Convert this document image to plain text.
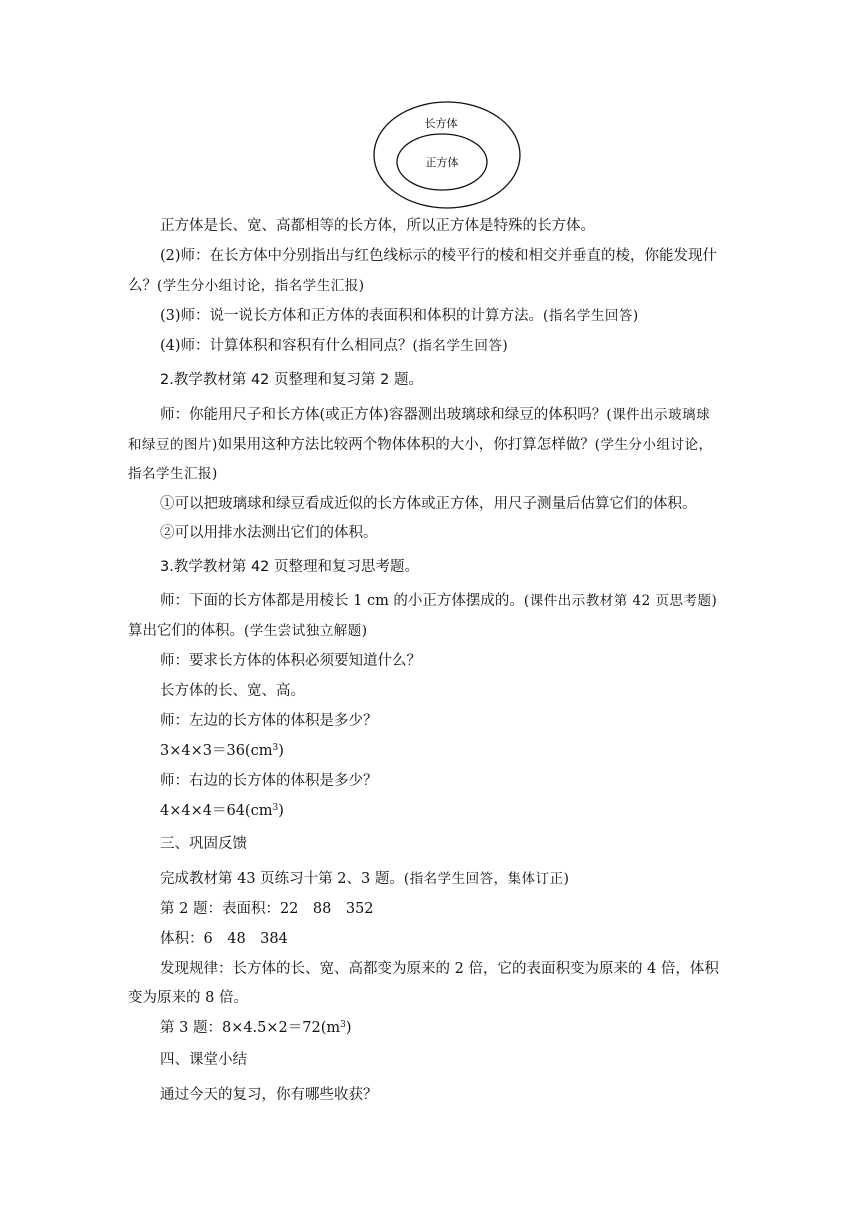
长方体
正方体
正方体是长、宽、高都相等的长方体，所以正方体是特殊的长方体。
(2)师：在长方体中分别指出与红色线标示的棱平行的棱和相交并垂直的棱，你能发现什
么？(学生分小组讨论，指名学生汇报)
(3)师：说一说长方体和正方体的表面积和体积的计算方法。(指名学生回答)
(4)师：计算体积和容积有什么相同点？(指名学生回答)
2.教学教材第 42 页整理和复习第 2 题。
师：你能用尺子和长方体(或正方体)容器测出玻璃球和绿豆的体积吗？(课件出示玻璃球
和绿豆的图片)如果用这种方法比较两个物体体积的大小，你打算怎样做？(学生分小组讨论，
指名学生汇报)
①可以把玻璃球和绿豆看成近似的长方体或正方体，用尺子测量后估算它们的体积。
②可以用排水法测出它们的体积。
3.教学教材第 42 页整理和复习思考题。
师：下面的长方体都是用棱长 1 cm 的小正方体摆成的。(课件出示教材第 42 页思考题)
算出它们的体积。(学生尝试独立解题)
师：要求长方体的体积必须要知道什么？
长方体的长、宽、高。
师：左边的长方体的体积是多少？
$3\times 4\times 3=36(cm^3)$
师：右边的长方体的体积是多少？
$4\times 4\times 4=64(cm^3)$
三、巩固反馈
完成教材第 43 页练习十第 2、3 题。(指名学生回答，集体订正)
第 2 题：表面积：22　88　352
体积：6　48　384
发现规律：长方体的长、宽、高都变为原来的 2 倍，它的表面积变为原来的 4 倍，体积
变为原来的 8 倍。
第 3 题：$8\times 4.5\times 2=72(m^3)$
四、课堂小结
通过今天的复习，你有哪些收获？
